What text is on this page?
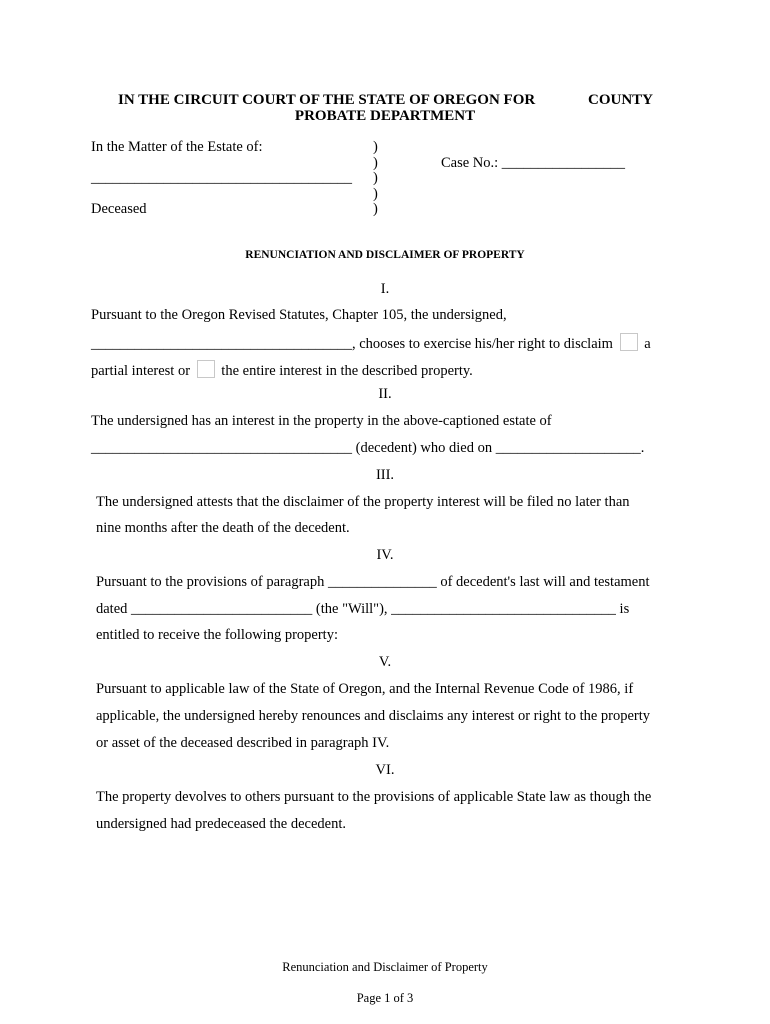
IN THE CIRCUIT COURT OF THE STATE OF OREGON FOR	COUNTY
PROBATE DEPARTMENT
In the Matter of the Estate of:
____________________________________
Deceased
)
)
)
)
)
Case No.: _________________
RENUNCIATION AND DISCLAIMER OF PROPERTY
I.
Pursuant to the Oregon Revised Statutes, Chapter 105, the undersigned,
____________________________________, chooses to exercise his/her right to disclaim a
partial interest or the entire interest in the described property.
II.
The undersigned has an interest in the property in the above-captioned estate of
____________________________________ (decedent) who died on ____________________.
III.
The undersigned attests that the disclaimer of the property interest will be filed no later than
nine months after the death of the decedent.
IV.
Pursuant to the provisions of paragraph _______________ of decedent's last will and testament
dated _________________________ (the "Will"), _______________________________ is
entitled to receive the following property:
V.
Pursuant to applicable law of the State of Oregon, and the Internal Revenue Code of 1986, if
applicable, the undersigned hereby renounces and disclaims any interest or right to the property
or asset of the deceased described in paragraph IV.
VI.
The property devolves to others pursuant to the provisions of applicable State law as though the
undersigned had predeceased the decedent.
Renunciation and Disclaimer of Property
Page 1 of 3
